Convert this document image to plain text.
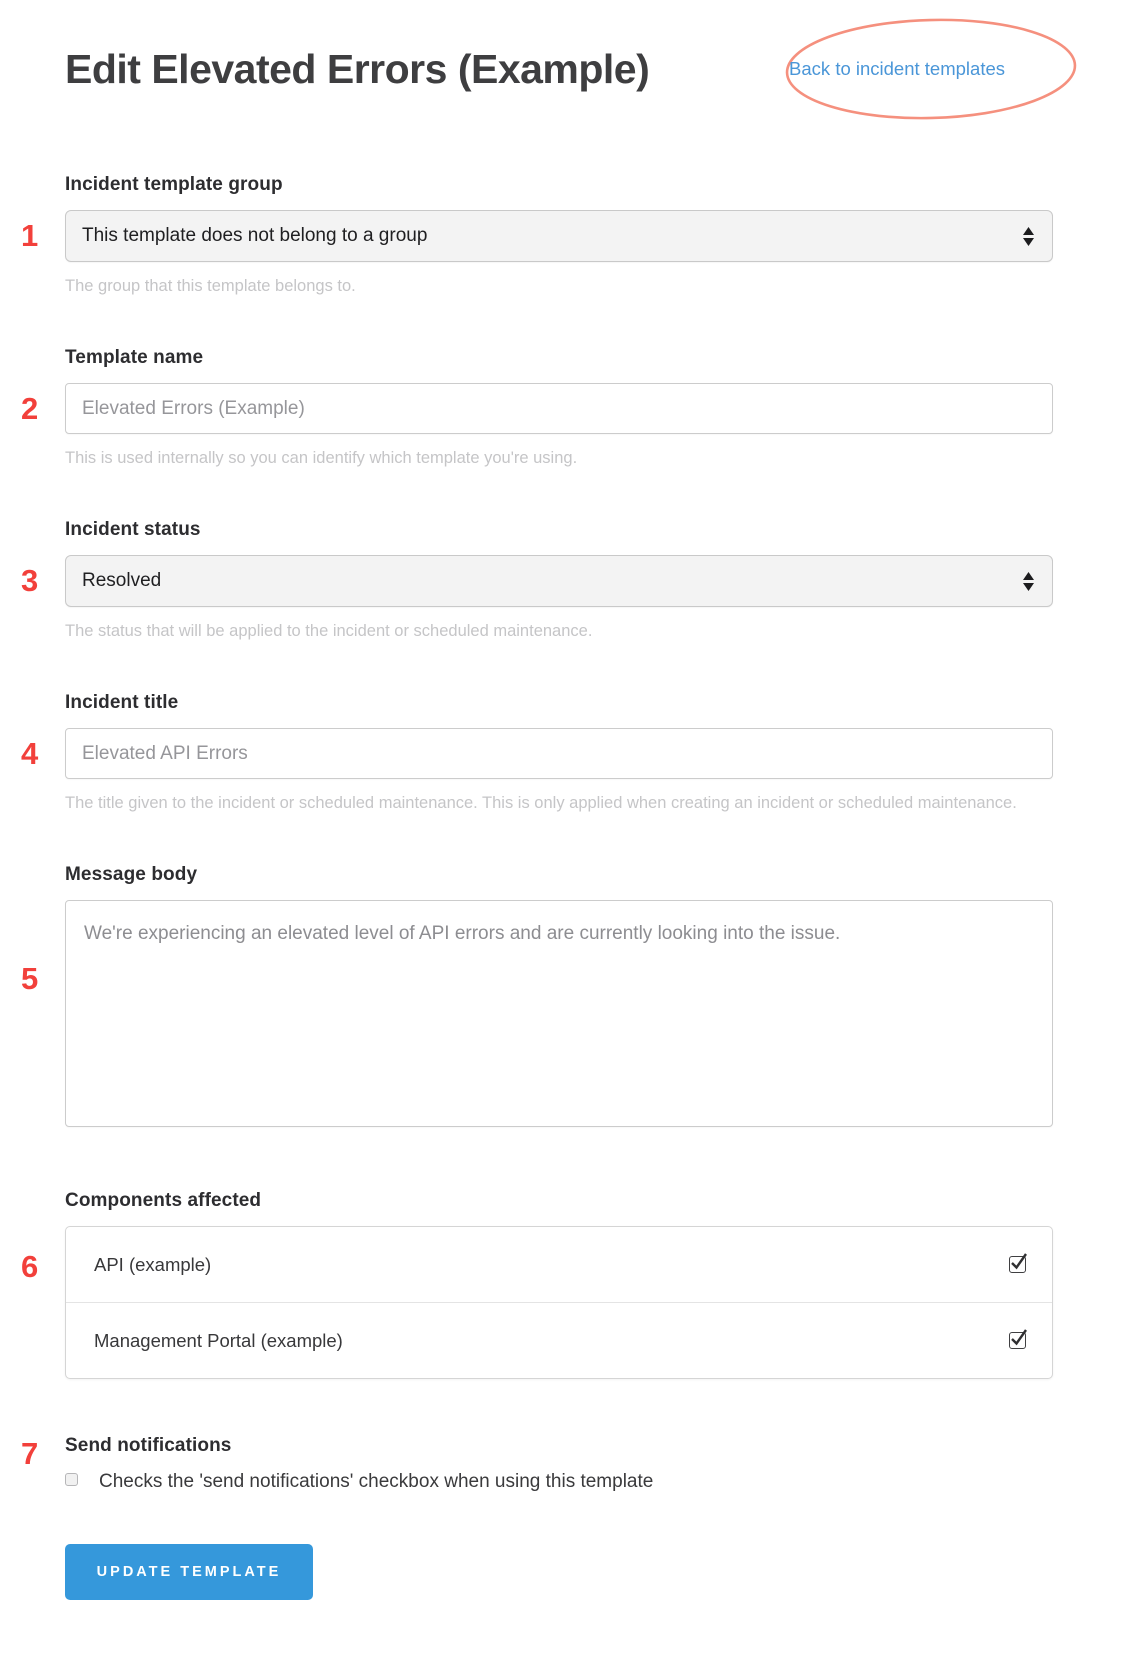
Edit Elevated Errors (Example)	Back to incident templates
1
Incident template group
This template does not belong to a group
The group that this template belongs to.
2
Template name
Elevated Errors (Example)
This is used internally so you can identify which template you're using.
3
Incident status
Resolved
The status that will be applied to the incident or scheduled maintenance.
4
Incident title
Elevated API Errors
The title given to the incident or scheduled maintenance. This is only applied when creating an incident or scheduled maintenance.
5
Message body
We're experiencing an elevated level of API errors and are currently looking into the issue.
6
Components affected
API (example)
Management Portal (example)
7	Send notifications
Checks the 'send notifications' checkbox when using this template
UPDATE TEMPLATE
